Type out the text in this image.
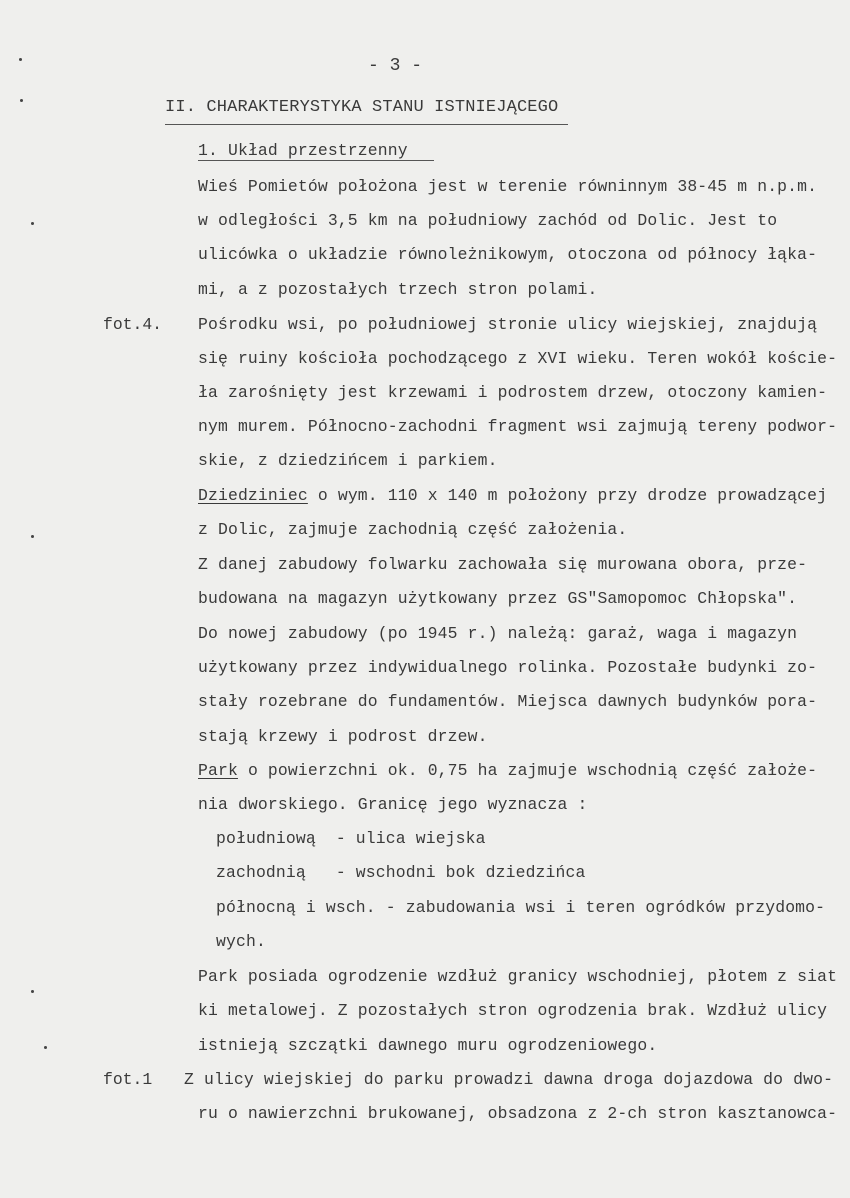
- 3 -
II. CHARAKTERYSTYKA STANU ISTNIEJĄCEGO
1. Układ przestrzenny
Wieś Pomietów położona jest w terenie równinnym 38-45 m n.p.m.
w odległości 3,5 km na południowy zachód od Dolic. Jest to
ulicówka o układzie równoleżnikowym, otoczona od północy łąka-
mi, a z pozostałych trzech stron polami.
fot.4. Pośrodku wsi, po południowej stronie ulicy wiejskiej, znajdują
się ruiny kościoła pochodzącego z XVI wieku. Teren wokół koście-
ła zarośnięty jest krzewami i podrostem drzew, otoczony kamien-
nym murem. Północno-zachodni fragment wsi zajmują tereny podwor-
skie, z dziedzińcem i parkiem.
Dziedziniec o wym. 110 x 140 m położony przy drodze prowadzącej
z Dolic, zajmuje zachodnią część założenia.
Z danej zabudowy folwarku zachowała się murowana obora, prze-
budowana na magazyn użytkowany przez GS"Samopomoc Chłopska".
Do nowej zabudowy (po 1945 r.) należą: garaż, waga i magazyn
użytkowany przez indywidualnego rolinka. Pozostałe budynki zo-
stały rozebrane do fundamentów. Miejsca dawnych budynków pora-
stają krzewy i podrost drzew.
Park o powierzchni ok. 0,75 ha zajmuje wschodnią część założe-
nia dworskiego. Granicę jego wyznacza :
południową  - ulica wiejska
zachodnią   - wschodni bok dziedzińca
północną i wsch. - zabudowania wsi i teren ogródków przydomo-
wych.
Park posiada ogrodzenie wzdłuż granicy wschodniej, płotem z siat
ki metalowej. Z pozostałych stron ogrodzenia brak. Wzdłuż ulicy
istnieją szczątki dawnego muru ogrodzeniowego.
fot.1 Z ulicy wiejskiej do parku prowadzi dawna droga dojazdowa do dwo-
ru o nawierzchni brukowanej, obsadzona z 2-ch stron kasztanowca-
